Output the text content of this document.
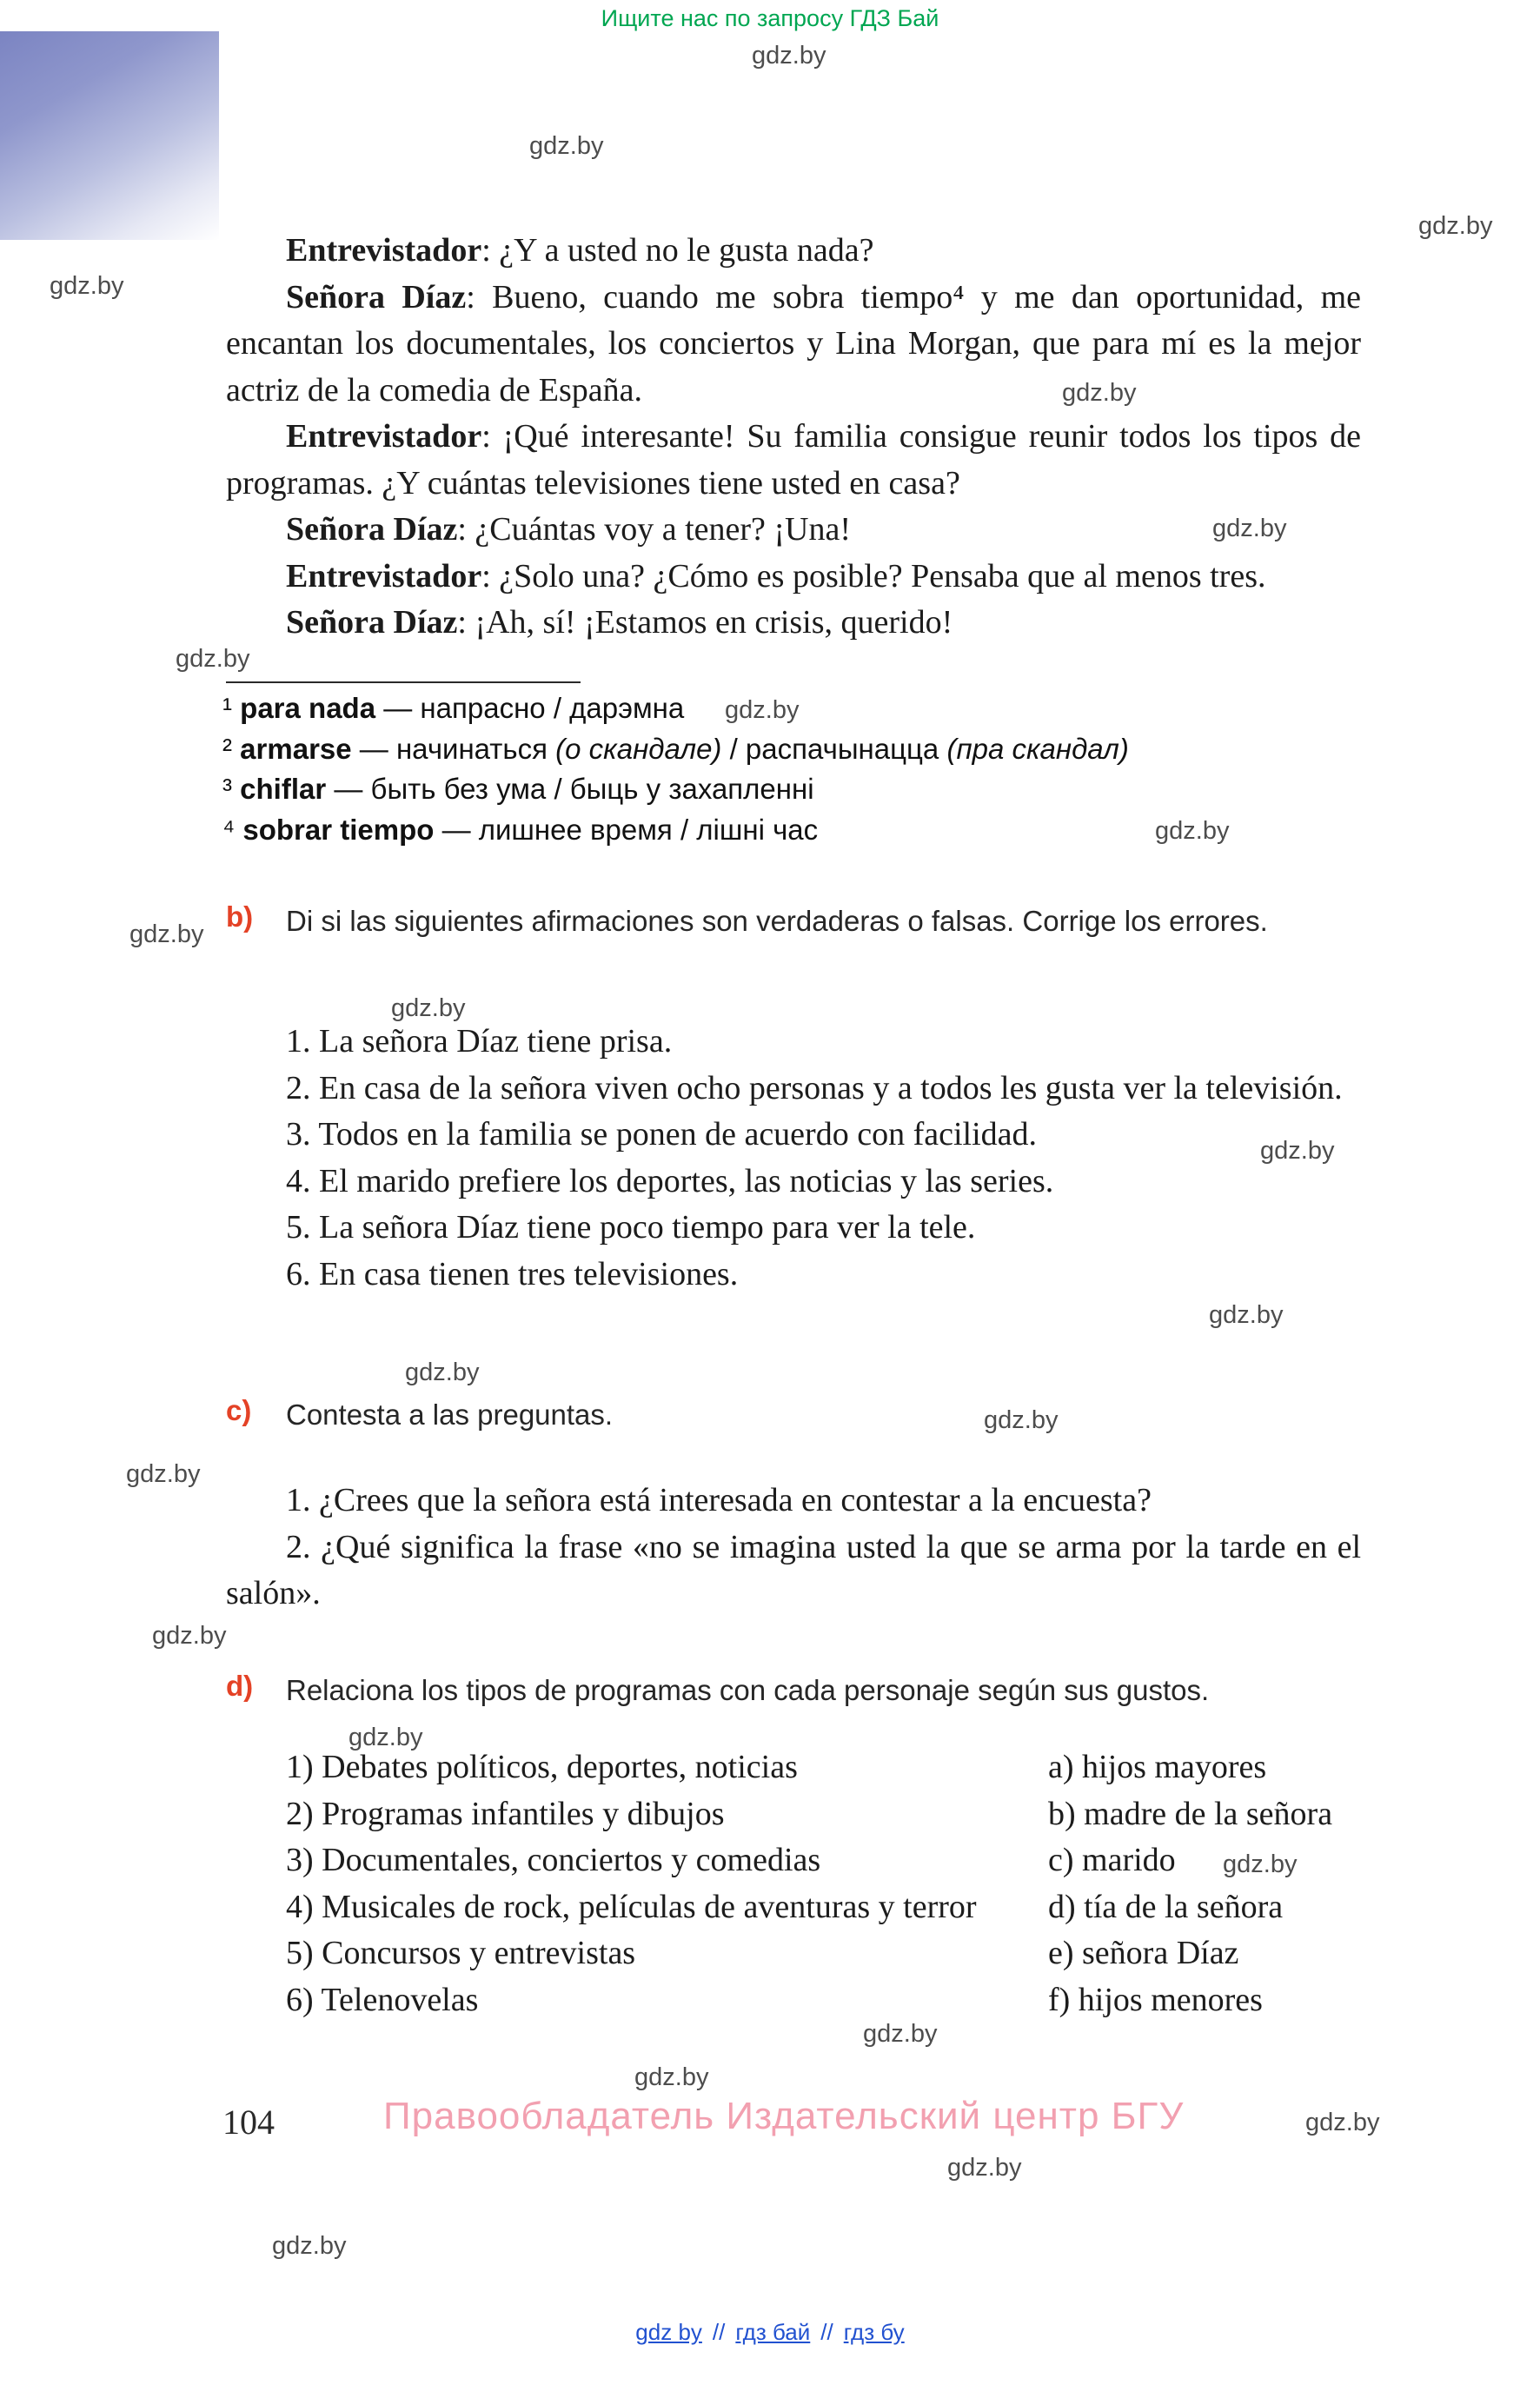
Ищите нас по запросу ГДЗ Бай
gdz.by
gdz.by
gdz.by
gdz.by
gdz.by
gdz.by
gdz.by
gdz.by
gdz.by
gdz.by
gdz.by
gdz.by
gdz.by
gdz.by
gdz.by
gdz.by
gdz.by
gdz.by
gdz.by
gdz.by
gdz.by
gdz.by
gdz.by
gdz.by

Entrevistador: ¿Y a usted no le gusta nada?

Señora Díaz: Bueno, cuando me sobra tiempo⁴ y me dan oportunidad, me encantan los documentales, los conciertos y Lina Morgan, que para mí es la mejor actriz de la comedia de España.

Entrevistador: ¡Qué interesante! Su familia consigue reunir todos los tipos de programas. ¿Y cuántas televisiones tiene usted en casa?

Señora Díaz: ¿Cuántas voy a tener? ¡Una!

Entrevistador: ¿Solo una? ¿Cómo es posible? Pensaba que al menos tres.

Señora Díaz: ¡Ah, sí! ¡Estamos en crisis, querido!

¹ para nada — напрасно / дарэмна

² armarse — начинаться (о скандале) / распачынацца (пра скандал)

³ chiflar — быть без ума / быць у захапленні

⁴ sobrar tiempo — лишнее время / лішні час

b) Di si las siguientes afirmaciones son verdaderas o falsas. Corrige los errores.

1. La señora Díaz tiene prisa.

2. En casa de la señora viven ocho personas y a todos les gusta ver la televisión.

3. Todos en la familia se ponen de acuerdo con facilidad.

4. El marido prefiere los deportes, las noticias y las series.

5. La señora Díaz tiene poco tiempo para ver la tele.

6. En casa tienen tres televisiones.

c) Contesta a las preguntas.

1. ¿Crees que la señora está interesada en contestar a la encuesta?

2. ¿Qué significa la frase «no se imagina usted la que se arma por la tarde en el salón».

d) Relaciona los tipos de programas con cada personaje según sus gustos.

1) Debates políticos, deportes, noticias

2) Programas infantiles y dibujos

3) Documentales, conciertos y comedias

4) Musicales de rock, películas de aventuras y terror

5) Concursos y entrevistas

6) Telenovelas

a) hijos mayores

b) madre de la señora

c) marido

d) tía de la señora

e) señora Díaz

f) hijos menores

104	Правообладатель Издательский центр БГУ
gdz by // гдз бай // гдз бу
